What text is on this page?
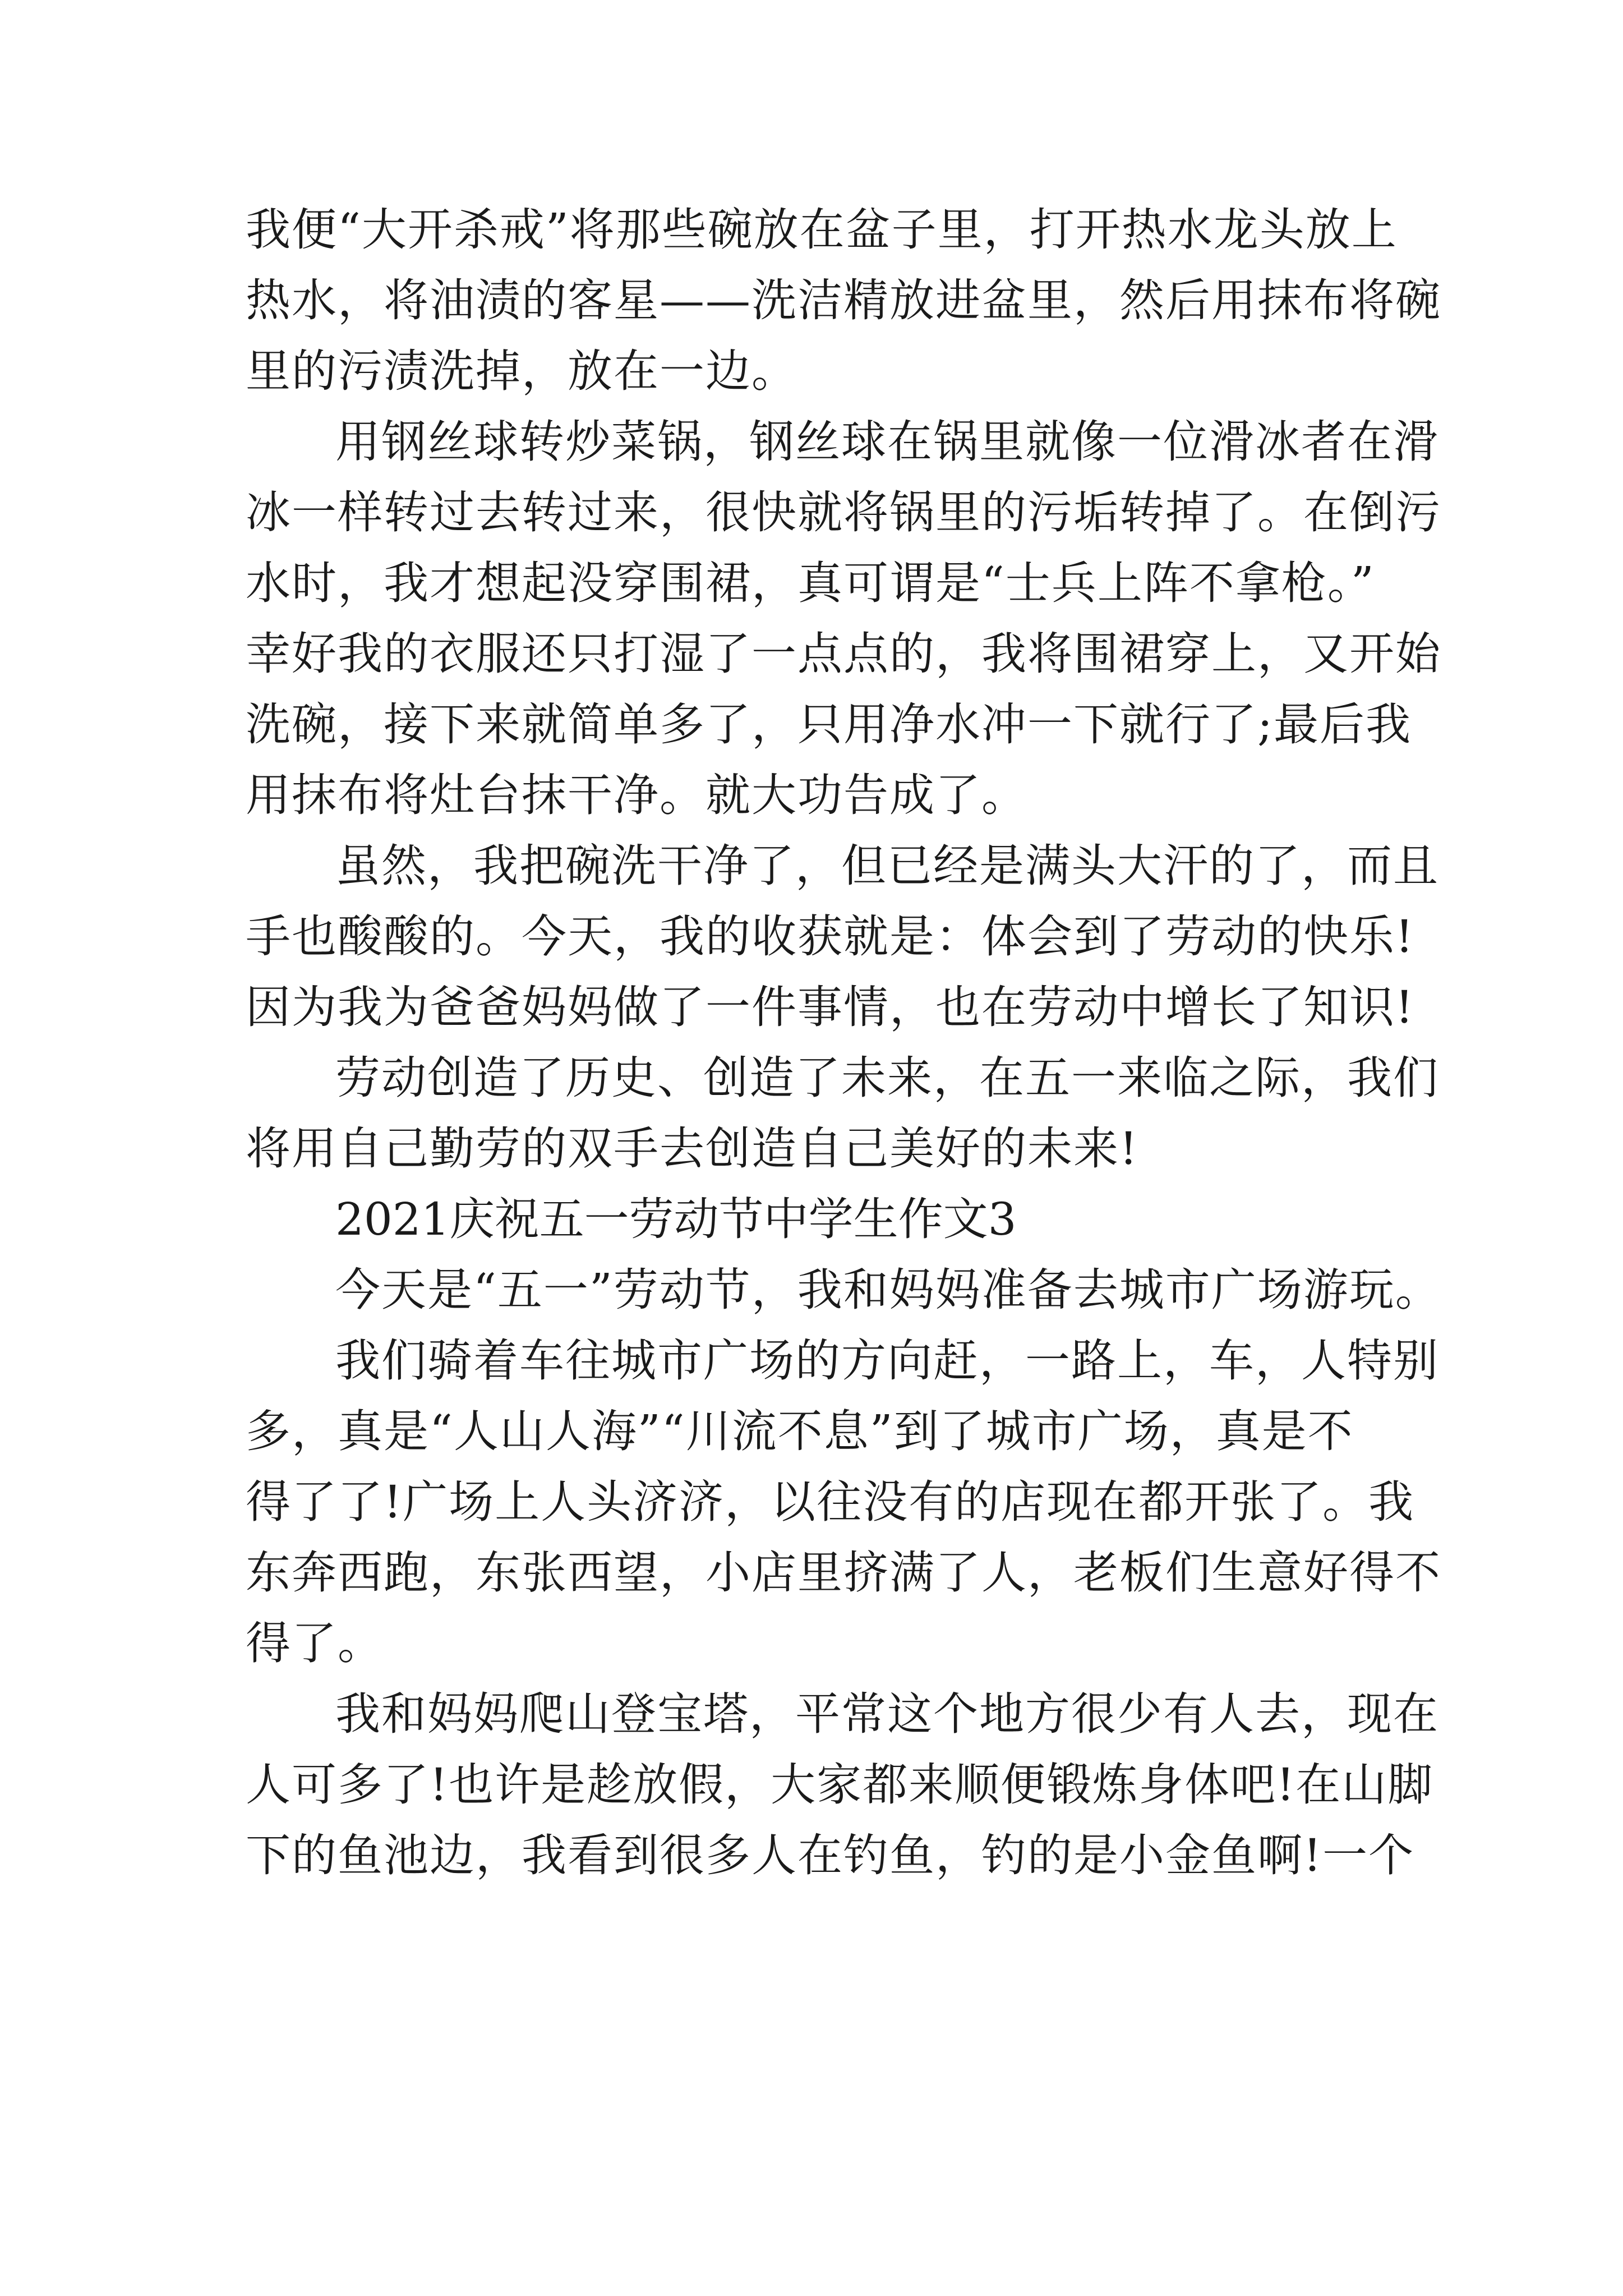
我便“大开杀戒”将那些碗放在盆子里，打开热水龙头放上
热水，将油渍的客星——洗洁精放进盆里，然后用抹布将碗
里的污渍洗掉，放在一边。
用钢丝球转炒菜锅，钢丝球在锅里就像一位滑冰者在滑
冰一样转过去转过来，很快就将锅里的污垢转掉了。在倒污
水时，我才想起没穿围裙，真可谓是“士兵上阵不拿枪。”
幸好我的衣服还只打湿了一点点的，我将围裙穿上，又开始
洗碗，接下来就简单多了，只用净水冲一下就行了;最后我
用抹布将灶台抹干净。就大功告成了。
虽然，我把碗洗干净了，但已经是满头大汗的了，而且
手也酸酸的。今天，我的收获就是：体会到了劳动的快乐!
因为我为爸爸妈妈做了一件事情，也在劳动中增长了知识!
劳动创造了历史、创造了未来，在五一来临之际，我们
将用自己勤劳的双手去创造自己美好的未来!
2021庆祝五一劳动节中学生作文3
今天是“五一”劳动节，我和妈妈准备去城市广场游玩。
我们骑着车往城市广场的方向赶，一路上，车，人特别
多，真是“人山人海”“川流不息”到了城市广场，真是不
得了了!广场上人头济济，以往没有的店现在都开张了。我
东奔西跑，东张西望，小店里挤满了人，老板们生意好得不
得了。
我和妈妈爬山登宝塔，平常这个地方很少有人去，现在
人可多了!也许是趁放假，大家都来顺便锻炼身体吧!在山脚
下的鱼池边，我看到很多人在钓鱼，钓的是小金鱼啊!一个
